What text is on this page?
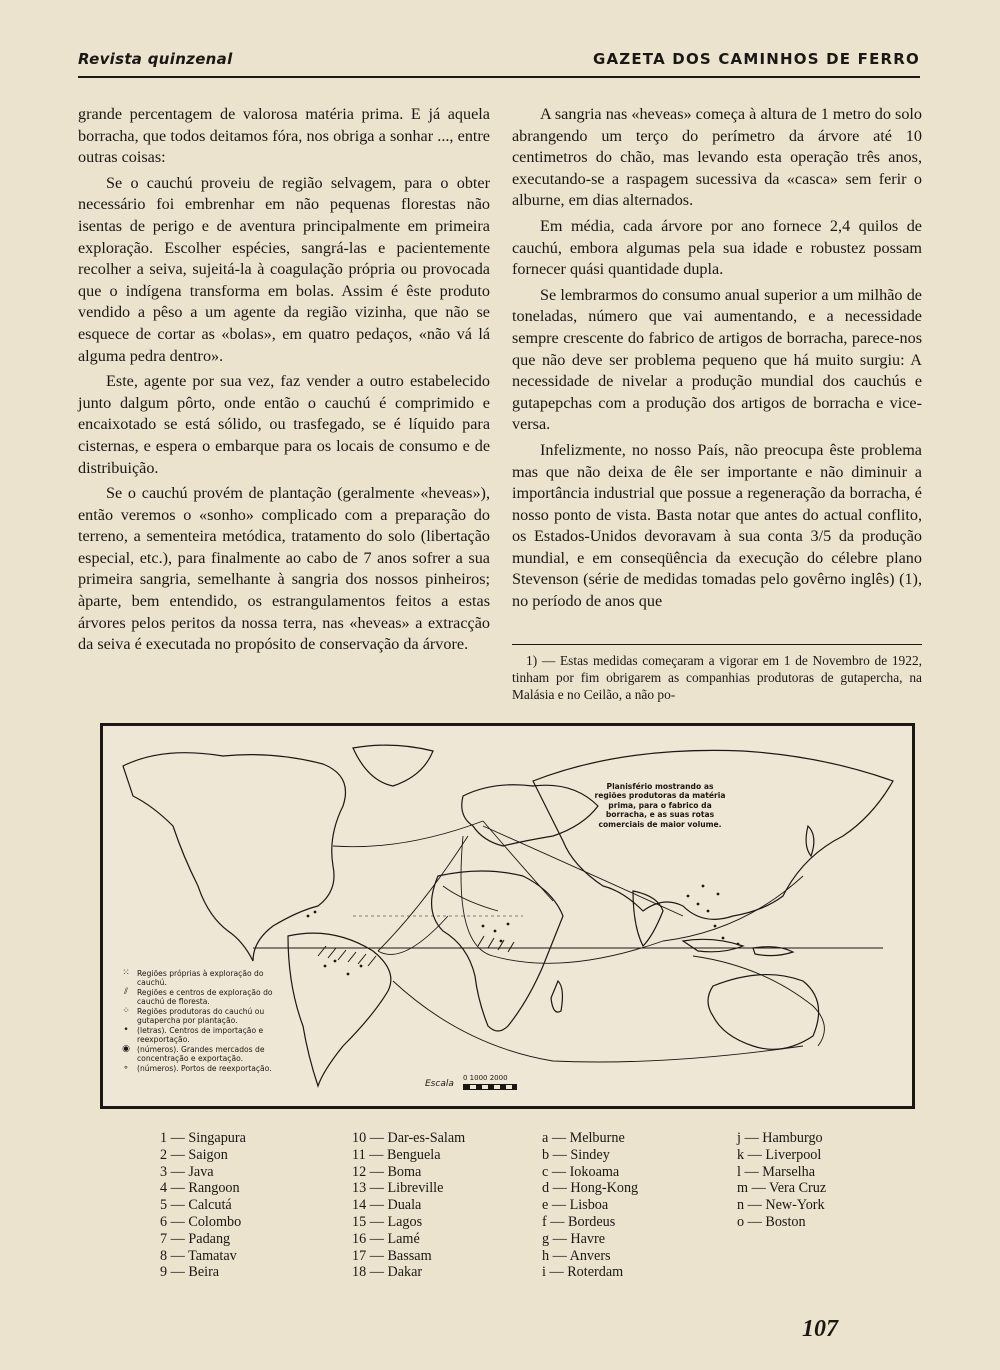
Revista quinzenal	GAZETA DOS CAMINHOS DE FERRO

grande percentagem de valorosa matéria prima. E já aquela borracha, que todos deitamos fóra, nos obriga a sonhar ..., entre outras coisas:

Se o cauchú proveiu de região selvagem, para o obter necessário foi embrenhar em não pequenas florestas não isentas de perigo e de aventura principalmente em primeira exploração. Escolher espécies, sangrá-las e pacientemente recolher a seiva, sujeitá-la à coagulação própria ou provocada que o indígena transforma em bolas. Assim é êste produto vendido a pêso a um agente da região vizinha, que não se esquece de cortar as «bolas», em quatro pedaços, «não vá lá alguma pedra dentro».

Este, agente por sua vez, faz vender a outro estabelecido junto dalgum pôrto, onde então o cauchú é comprimido e encaixotado se está sólido, ou trasfegado, se é líquido para cisternas, e espera o embarque para os locais de consumo e de distribuição.

Se o cauchú provém de plantação (geralmente «heveas»), então veremos o «sonho» complicado com a preparação do terreno, a sementeira metódica, tratamento do solo (libertação especial, etc.), para finalmente ao cabo de 7 anos sofrer a sua primeira sangria, semelhante à sangria dos nossos pinheiros; àparte, bem entendido, os estrangulamentos feitos a estas árvores pelos peritos da nossa terra, nas «heveas» a extracção da seiva é executada no propósito de conservação da árvore.

A sangria nas «heveas» começa à altura de 1 metro do solo abrangendo um terço do perímetro da árvore até 10 centimetros do chão, mas levando esta operação três anos, executando-se a raspagem sucessiva da «casca» sem ferir o alburne, em dias alternados.

Em média, cada árvore por ano fornece 2,4 quilos de cauchú, embora algumas pela sua idade e robustez possam fornecer quási quantidade dupla.

Se lembrarmos do consumo anual superior a um milhão de toneladas, número que vai aumentando, e a necessidade sempre crescente do fabrico de artigos de borracha, parece-nos que não deve ser problema pequeno que há muito surgiu: A necessidade de nivelar a produção mundial dos cauchús e gutapерchas com a produção dos artigos de borracha e vice-versa.

Infelizmente, no nosso País, não preocupa êste problema mas que não deixa de êle ser importante e não diminuir a importância industrial que possue a regeneração da borracha, é nosso ponto de vista. Basta notar que antes do actual conflito, os Estados-Unidos devoravam à sua conta 3/5 da produção mundial, e em conseqüência da execução do célebre plano Stevenson (série de medidas tomadas pelo govêrno inglês) (1), no período de anos que

1) — Estas medidas começaram a vigorar em 1 de Novembro de 1922, tinham por fim obrigarem as companhias produtoras de gutapercha, na Malásia e no Ceilão, a não po-
Planisfério mostrando as regiões produtoras da matéria prima, para o fabrico da borracha, e as suas rotas comerciais de maior volume.
⁙ Regiões próprias à exploração do cauchú.
⫽	Regiões e centros de exploração do cauchú de floresta.
⁘ Regiões produtoras do cauchú ou gutapercha por plantação.
•	(letras). Centros de importação e reexportação.
◉ (números). Grandes mercados de concentração e exportação.
∘	(números). Portos de reexportação.
Escala
0 1000 2000
1 — Singapura
2 — Saigon
3 — Java
4 — Rangoon
5 — Calcutá
6 — Colombo
7 — Padang
8 — Tamatav
9 — Beira
10 — Dar-es-Salam
11 — Benguela
12 — Boma
13 — Libreville
14 — Duala
15 — Lagos
16 — Lamé
17 — Bassam
18 — Dakar
a — Melburne
b — Sindey
c — Iokoama
d — Hong-Kong
e — Lisboa
f — Bordeus
g — Havre
h — Anvers
i — Roterdam
j — Hamburgo
k — Liverpool
l — Marselha
m — Vera Cruz
n — New-York
o — Boston
107
